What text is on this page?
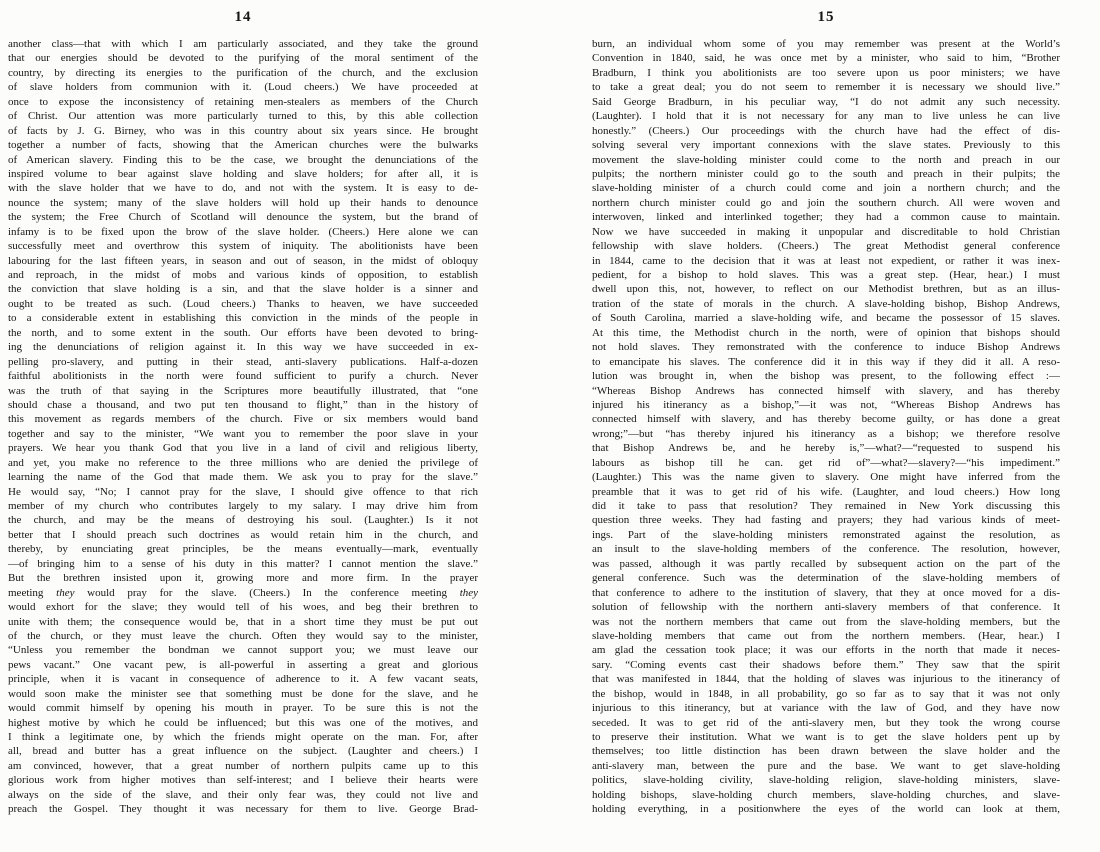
14
another class—that with which I am particularly associated, and they take the ground
that our energies should be devoted to the purifying of the moral sentiment of the
country, by directing its energies to the purification of the church, and the exclusion
of slave holders from communion with it. (Loud cheers.) We have proceeded at
once to expose the inconsistency of retaining men-stealers as members of the Church
of Christ. Our attention was more particularly turned to this, by this able collection
of facts by J. G. Birney, who was in this country about six years since. He brought
together a number of facts, showing that the American churches were the bulwarks
of American slavery. Finding this to be the case, we brought the denunciations of the
inspired volume to bear against slave holding and slave holders; for after all, it is
with the slave holder that we have to do, and not with the system. It is easy to de-
nounce the system; many of the slave holders will hold up their hands to denounce
the system; the Free Church of Scotland will denounce the system, but the brand of
infamy is to be fixed upon the brow of the slave holder. (Cheers.) Here alone we can
successfully meet and overthrow this system of iniquity. The abolitionists have been
labouring for the last fifteen years, in season and out of season, in the midst of obloquy
and reproach, in the midst of mobs and various kinds of opposition, to establish
the conviction that slave holding is a sin, and that the slave holder is a sinner and
ought to be treated as such. (Loud cheers.) Thanks to heaven, we have succeeded
to a considerable extent in establishing this conviction in the minds of the people in
the north, and to some extent in the south. Our efforts have been devoted to bring-
ing the denunciations of religion against it. In this way we have succeeded in ex-
pelling pro-slavery, and putting in their stead, anti-slavery publications. Half-a-dozen
faithful abolitionists in the north were found sufficient to purify a church. Never
was the truth of that saying in the Scriptures more beautifully illustrated, that “one
should chase a thousand, and two put ten thousand to flight,” than in the history of
this movement as regards members of the church. Five or six members would band
together and say to the minister, “We want you to remember the poor slave in your
prayers. We hear you thank God that you live in a land of civil and religious liberty,
and yet, you make no reference to the three millions who are denied the privilege of
learning the name of the God that made them. We ask you to pray for the slave.”
He would say, “No; I cannot pray for the slave, I should give offence to that rich
member of my church who contributes largely to my salary. I may drive him from
the church, and may be the means of destroying his soul. (Laughter.) Is it not
better that I should preach such doctrines as would retain him in the church, and
thereby, by enunciating great principles, be the means eventually—mark, eventually
—of bringing him to a sense of his duty in this matter? I cannot mention the slave.”
But the brethren insisted upon it, growing more and more firm. In the prayer
meeting they would pray for the slave. (Cheers.) In the conference meeting they
would exhort for the slave; they would tell of his woes, and beg their brethren to
unite with them; the consequence would be, that in a short time they must be put out
of the church, or they must leave the church. Often they would say to the minister,
“Unless you remember the bondman we cannot support you; we must leave our
pews vacant.” One vacant pew, is all-powerful in asserting a great and glorious
principle, when it is vacant in consequence of adherence to it. A few vacant seats,
would soon make the minister see that something must be done for the slave, and he
would commit himself by opening his mouth in prayer. To be sure this is not the
highest motive by which he could be influenced; but this was one of the motives, and
I think a legitimate one, by which the friends might operate on the man. For, after
all, bread and butter has a great influence on the subject. (Laughter and cheers.) I
am convinced, however, that a great number of northern pulpits came up to this
glorious work from higher motives than self-interest; and I believe their hearts were
always on the side of the slave, and their only fear was, they could not live and
preach the Gospel. They thought it was necessary for them to live. George Brad-
15
burn, an individual whom some of you may remember was present at the World’s
Convention in 1840, said, he was once met by a minister, who said to him, “Brother
Bradburn, I think you abolitionists are too severe upon us poor ministers; we have
to take a great deal; you do not seem to remember it is necessary we should live.”
Said George Bradburn, in his peculiar way, “I do not admit any such necessity.
(Laughter). I hold that it is not necessary for any man to live unless he can live
honestly.” (Cheers.) Our proceedings with the church have had the effect of dis-
solving several very important connexions with the slave states. Previously to this
movement the slave-holding minister could come to the north and preach in our
pulpits; the northern minister could go to the south and preach in their pulpits; the
slave-holding minister of a church could come and join a northern church; and the
northern church minister could go and join the southern church. All were woven and
interwoven, linked and interlinked together; they had a common cause to maintain.
Now we have succeeded in making it unpopular and discreditable to hold Christian
fellowship with slave holders. (Cheers.) The great Methodist general conference
in 1844, came to the decision that it was at least not expedient, or rather it was inex-
pedient, for a bishop to hold slaves. This was a great step. (Hear, hear.) I must
dwell upon this, not, however, to reflect on our Methodist brethren, but as an illus-
tration of the state of morals in the church. A slave-holding bishop, Bishop Andrews,
of South Carolina, married a slave-holding wife, and became the possessor of 15 slaves.
At this time, the Methodist church in the north, were of opinion that bishops should
not hold slaves. They remonstrated with the conference to induce Bishop Andrews
to emancipate his slaves. The conference did it in this way if they did it all. A reso-
lution was brought in, when the bishop was present, to the following effect :—
“Whereas Bishop Andrews has connected himself with slavery, and has thereby
injured his itinerancy as a bishop,”—it was not, “Whereas Bishop Andrews has
connected himself with slavery, and has thereby become guilty, or has done a great
wrong;”—but “has thereby injured his itinerancy as a bishop; we therefore resolve
that Bishop Andrews be, and he hereby is,”—what?—“requested to suspend his
labours as bishop till he can. get rid of”—what?—slavery?—“his impediment.”
(Laughter.) This was the name given to slavery. One might have inferred from the
preamble that it was to get rid of his wife. (Laughter, and loud cheers.) How long
did it take to pass that resolution? They remained in New York discussing this
question three weeks. They had fasting and prayers; they had various kinds of meet-
ings. Part of the slave-holding ministers remonstrated against the resolution, as
an insult to the slave-holding members of the conference. The resolution, however,
was passed, although it was partly recalled by subsequent action on the part of the
general conference. Such was the determination of the slave-holding members of
that conference to adhere to the institution of slavery, that they at once moved for a dis-
solution of fellowship with the northern anti-slavery members of that conference. It
was not the northern members that came out from the slave-holding members, but the
slave-holding members that came out from the northern members. (Hear, hear.) I
am glad the cessation took place; it was our efforts in the north that made it neces-
sary. “Coming events cast their shadows before them.” They saw that the spirit
that was manifested in 1844, that the holding of slaves was injurious to the itinerancy of
the bishop, would in 1848, in all probability, go so far as to say that it was not only
injurious to this itinerancy, but at variance with the law of God, and they have now
seceded. It was to get rid of the anti-slavery men, but they took the wrong course
to preserve their institution. What we want is to get the slave holders pent up by
themselves; too little distinction has been drawn between the slave holder and the
anti-slavery man, between the pure and the base. We want to get slave-holding
politics, slave-holding civility, slave-holding religion, slave-holding ministers, slave-
holding bishops, slave-holding church members, slave-holding churches, and slave-
holding everything, in a positionwhere the eyes of the world can look at them,
